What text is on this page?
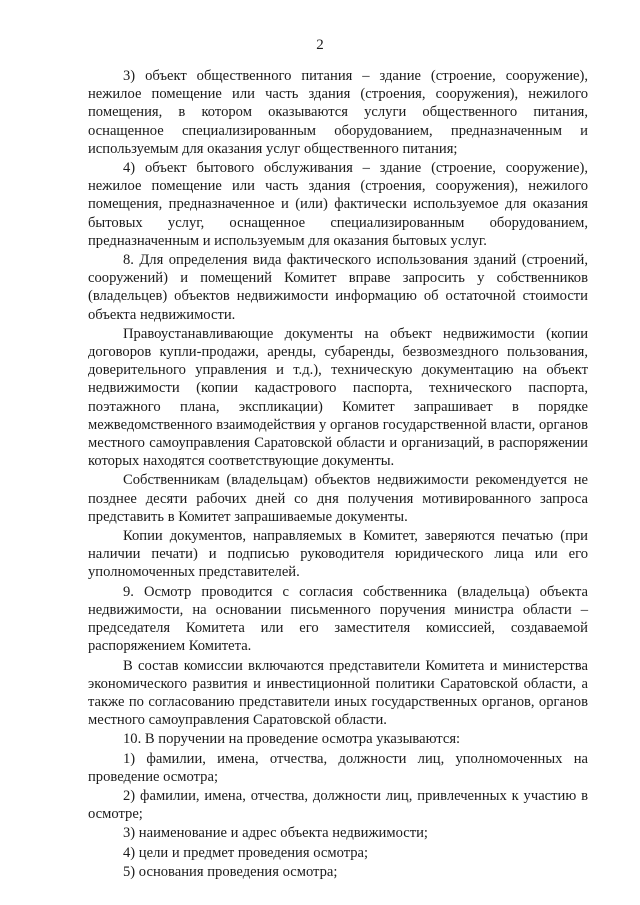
2

3) объект общественного питания – здание (строение, сооружение), нежилое помещение или часть здания (строения, сооружения), нежилого помещения, в котором оказываются услуги общественного питания, оснащенное специализированным оборудованием, предназначенным и используемым для оказания услуг общественного питания;

4) объект бытового обслуживания – здание (строение, сооружение), нежилое помещение или часть здания (строения, сооружения), нежилого помещения, предназначенное и (или) фактически используемое для оказания бытовых услуг, оснащенное специализированным оборудованием, предназначенным и используемым для оказания бытовых услуг.

8. Для определения вида фактического использования зданий (строений, сооружений) и помещений Комитет вправе запросить у собственников (владельцев) объектов недвижимости информацию об остаточной стоимости объекта недвижимости.

Правоустанавливающие документы на объект недвижимости (копии договоров купли-продажи, аренды, субаренды, безвозмездного пользования, доверительного управления и т.д.), техническую документацию на объект недвижимости (копии кадастрового паспорта, технического паспорта, поэтажного плана, экспликации) Комитет запрашивает в порядке межведомственного взаимодействия у органов государственной власти, органов местного самоуправления Саратовской области и организаций, в распоряжении которых находятся соответствующие документы.

Собственникам (владельцам) объектов недвижимости рекомендуется не позднее десяти рабочих дней со дня получения мотивированного запроса представить в Комитет запрашиваемые документы.

Копии документов, направляемых в Комитет, заверяются печатью (при наличии печати) и подписью руководителя юридического лица или его уполномоченных представителей.

9. Осмотр проводится с согласия собственника (владельца) объекта недвижимости, на основании письменного поручения министра области – председателя Комитета или его заместителя комиссией, создаваемой распоряжением Комитета.

В состав комиссии включаются представители Комитета и министерства экономического развития и инвестиционной политики Саратовской области, а также по согласованию представители иных государственных органов, органов местного самоуправления Саратовской области.

10. В поручении на проведение осмотра указываются:

1) фамилии, имена, отчества, должности лиц, уполномоченных на проведение осмотра;

2) фамилии, имена, отчества, должности лиц, привлеченных к участию в осмотре;

3) наименование и адрес объекта недвижимости;

4) цели и предмет проведения осмотра;

5) основания проведения осмотра;
